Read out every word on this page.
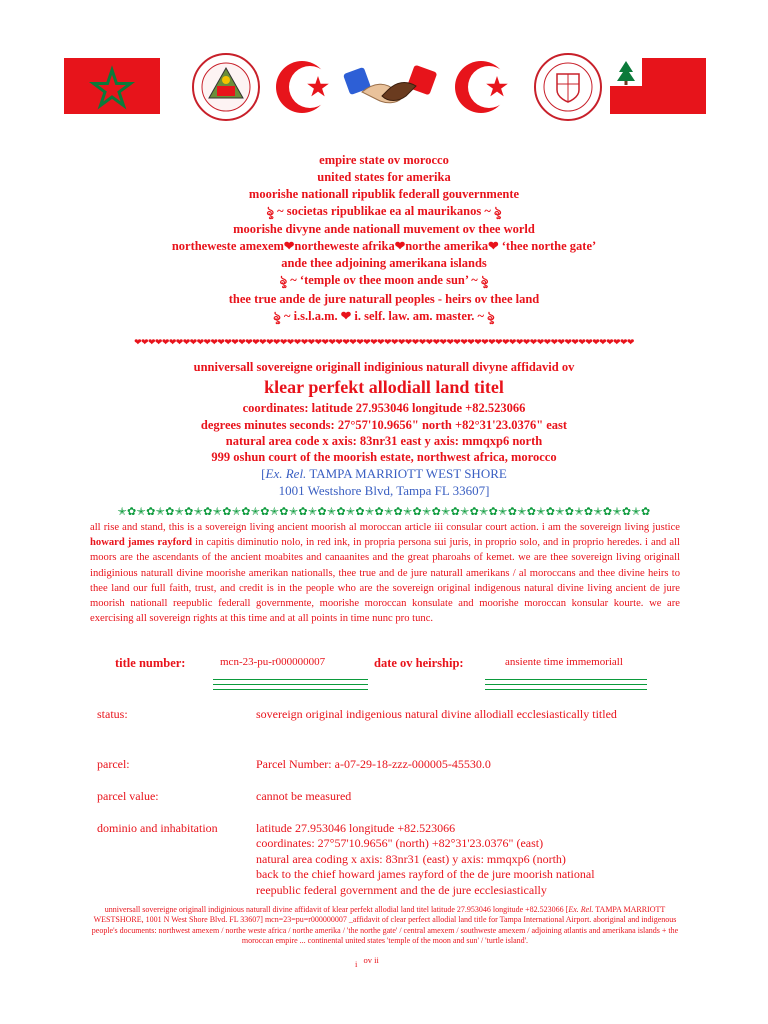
empire state ov morocco
united states for amerika
moorishe nationall ripublik federall gouvernmente
ৡ ~ societas ripublikae ea al maurikanos ~ ৡ
moorishe divyne ande nationall muvement ov thee world
northeweste amexem❤northeweste afrika❤northe amerika❤ ‘thee northe gate’
ande thee adjoining amerikana islands
ৡ ~ ‘temple ov thee moon ande sun’ ~ ৡ
thee true ande de jure naturall peoples - heirs ov thee land
ৡ ~ i.s.l.a.m. ❤ i. self. law. am. master. ~ ৡ
❤❤❤❤❤❤❤❤❤❤❤❤❤❤❤❤❤❤❤❤❤❤❤❤❤❤❤❤❤❤❤❤❤❤❤❤❤❤❤❤❤❤❤❤❤❤❤❤❤❤❤❤❤❤❤❤❤❤❤❤❤❤❤❤❤❤❤❤❤❤❤❤
unniversall sovereigne originall indiginious naturall divyne affidavid ov
klear perfekt allodiall land titel
coordinates: latitude 27.953046 longitude +82.523066
degrees minutes seconds: 27°57'10.9656" north +82°31'23.0376" east
natural area code x axis: 83nr31 east y axis: mmqxp6 north
999 oshun court of the moorish estate, northwest africa, morocco
[Ex. Rel. TAMPA MARRIOTT WEST SHORE
1001 Westshore Blvd, Tampa FL 33607]
✭✿✭✿✭✿✭✿✭✿✭✿✭✿✭✿✭✿✭✿✭✿✭✿✭✿✭✿✭✿✭✿✭✿✭✿✭✿✭✿✭✿✭✿✭✿✭✿✭✿✭✿✭✿✭✿
all rise and stand, this is a sovereign living ancient moorish al moroccan article iii consular court action. i am the sovereign living justice howard james rayford in capitis diminutio nolo, in red ink, in propria persona sui juris, in proprio solo, and in proprio heredes. i and all moors are the ascendants of the ancient moabites and canaanites and the great pharoahs of kemet. we are thee sovereign living originall indiginious naturall divine moorishe amerikan nationalls, thee true and de jure naturall amerikans / al moroccans and thee divine heirs to thee land our full faith, trust, and credit is in the people who are the sovereign original indigenous natural divine living ancient de jure moorish nationall reepublic federall governmente, moorishe moroccan konsulate and moorishe moroccan konsular kourte. we are exercising all sovereign rights at this time and at all points in time nunc pro tunc.
title number:	mcn-23-pu-r000000007	date ov heirship:	ansiente time immemoriall
status:	sovereign original indigenious natural divine allodiall ecclesiastically titled
parcel:	Parcel Number: a-07-29-18-zzz-000005-45530.0
parcel value:	cannot be measured
dominio and inhabitation	latitude 27.953046 longitude +82.523066
coordinates: 27°57'10.9656" (north) +82°31'23.0376" (east)
natural area coding x axis: 83nr31 (east) y axis: mmqxp6 (north)
back to the chief howard james rayford of the de jure moorish national
reepublic federal government and the de jure ecclesiastically
unniversall sovereigne originall indiginious naturall divine affidavit of klear perfekt allodial land titel latitude 27.953046 longitude +82.523066 [Ex. Rel. TAMPA MARRIOTT WESTSHORE, 1001 N West Shore Blvd. FL 33607] mcn=23=pu=r000000007 _affidavit of clear perfect allodial land title for Tampa International Airport. aboriginal and indigenous people's documents: northwest amexem / northe weste africa / northe amerika / 'the northe gate' / central amexem / southweste amexem / adjoining atlantis and amerikana islands + the moroccan empire ... continental united states 'temple of the moon and sun' / 'turtle island'.
i ov ii
